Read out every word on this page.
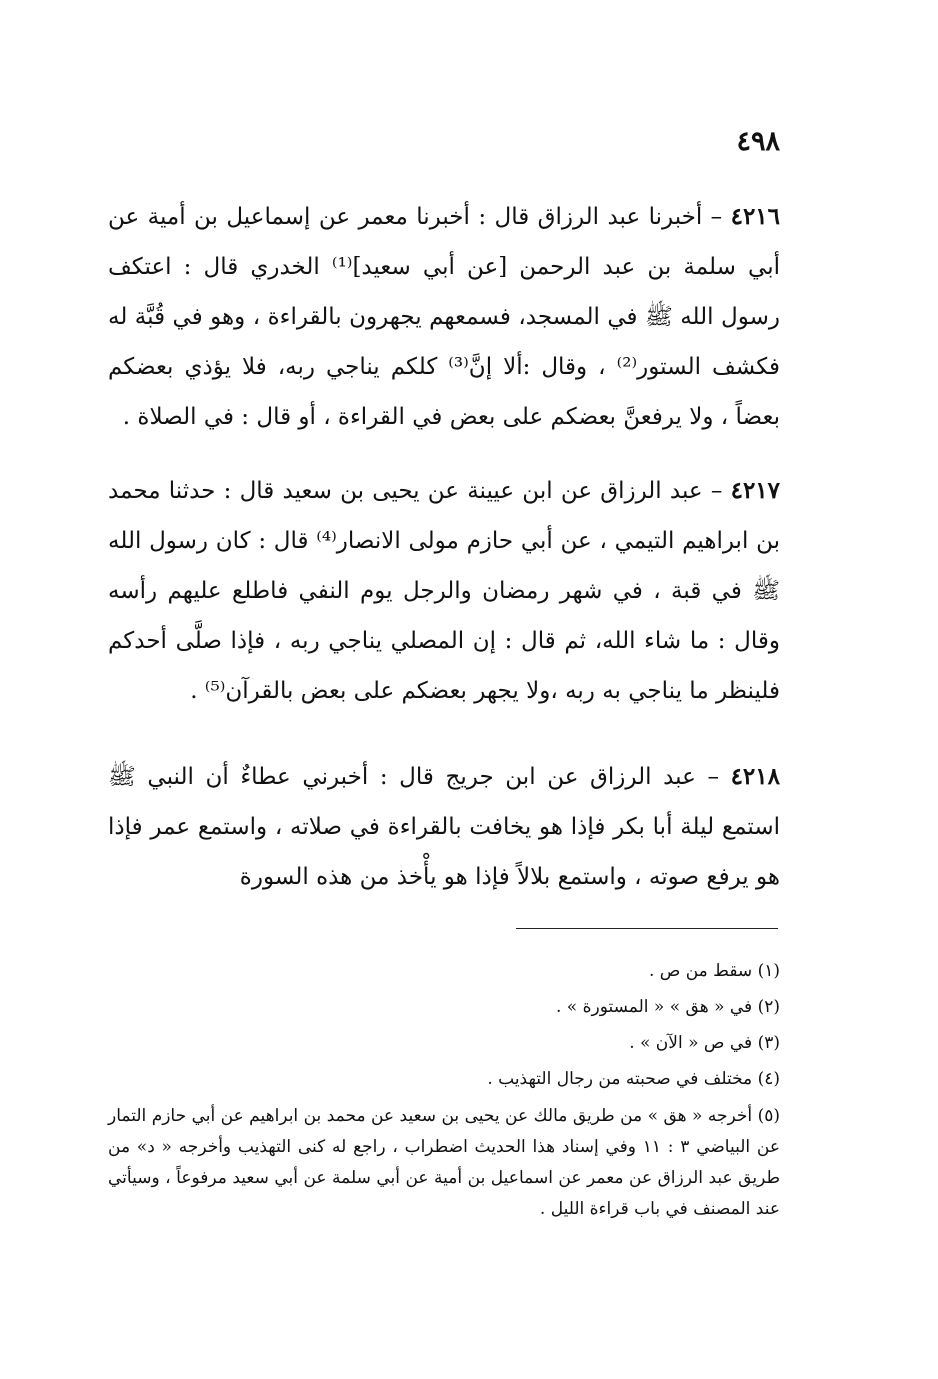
٤٩٨

٤٢١٦ – أخبرنا عبد الرزاق قال : أخبرنا معمر عن إسماعيل بن أمية عن أبي سلمة بن عبد الرحمن [عن أبي سعيد]⁽¹⁾ الخدري قال : اعتكف رسول الله ﷺ في المسجد، فسمعهم يجهرون بالقراءة ، وهو في قُبَّة له فكشف الستور⁽²⁾ ، وقال :ألا إنَّ⁽³⁾ كلكم يناجي ربه، فلا يؤذي بعضكم بعضاً ، ولا يرفعنَّ بعضكم على بعض في القراءة ، أو قال : في الصلاة .

٤٢١٧ – عبد الرزاق عن ابن عيينة عن يحيى بن سعيد قال : حدثنا محمد بن ابراهيم التيمي ، عن أبي حازم مولى الانصار⁽⁴⁾ قال : كان رسول الله ﷺ في قبة ، في شهر رمضان والرجل يوم النفي فاطلع عليهم رأسه وقال : ما شاء الله، ثم قال : إن المصلي يناجي ربه ، فإذا صلَّى أحدكم فلينظر ما يناجي به ربه ،ولا يجهر بعضكم على بعض بالقرآن⁽⁵⁾ .

٤٢١٨ – عبد الرزاق عن ابن جريج قال : أخبرني عطاءٌ أن النبي ﷺ استمع ليلة أبا بكر فإذا هو يخافت بالقراءة في صلاته ، واستمع عمر فإذا هو يرفع صوته ، واستمع بلالاً فإذا هو يأْخذ من هذه السورة

(١) سقط من ص .

(٢) في « هق » « المستورة » .

(٣) في ص « الآن » .

(٤) مختلف في صحبته من رجال التهذيب .

(٥) أخرجه « هق » من طريق مالك عن يحيى بن سعيد عن محمد بن ابراهيم عن أبي حازم التمار عن البياضي ٣ : ١١ وفي إسناد هذا الحديث اضطراب ، راجع له كنى التهذيب وأخرجه « د» من طريق عبد الرزاق عن معمر عن اسماعيل بن أمية عن أبي سلمة عن أبي سعيد مرفوعاً ، وسيأتي عند المصنف في باب قراءة الليل .
